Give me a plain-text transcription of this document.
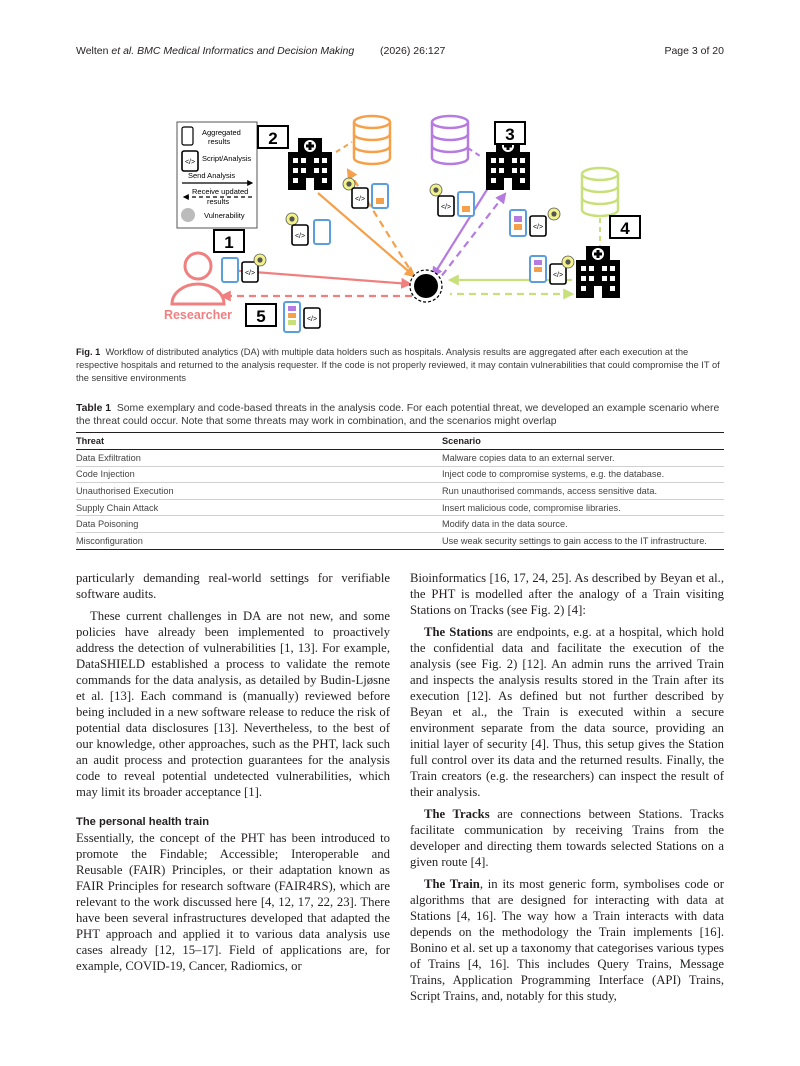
Welten et al. BMC Medical Informatics and Decision Making (2026) 26:127	Page 3 of 20
</>
Aggregated
results
Script/Analysis
Send Analysis
Receive updated
results
Vulnerability
2	3
4
1
Researcher 5
Fig. 1 Workflow of distributed analytics (DA) with multiple data holders such as hospitals. Analysis results are aggregated after each execution at the respective hospitals and returned to the analysis requester. If the code is not properly reviewed, it may contain vulnerabilities that could compromise the IT of the sensitive environments
Table 1 Some exemplary and code-based threats in the analysis code. For each potential threat, we developed an example scenario where the threat could occur. Note that some threats may work in combination, and the scenarios might overlap
Threat	Scenario
Data Exfiltration	Malware copies data to an external server.
Code Injection	Inject code to compromise systems, e.g. the database.
Unauthorised Execution	Run unauthorised commands, access sensitive data.
Supply Chain Attack	Insert malicious code, compromise libraries.
Data Poisoning	Modify data in the data source.
Misconfiguration	Use weak security settings to gain access to the IT infrastructure.

particularly demanding real-world settings for verifiable software audits.

These current challenges in DA are not new, and some policies have already been implemented to proactively address the detection of vulnerabilities [1, 13]. For example, DataSHIELD established a process to validate the remote commands for the data analysis, as detailed by Budin-Ljøsne et al. [13]. Each command is (manually) reviewed before being included in a new software release to reduce the risk of potential data disclosures [13]. Nevertheless, to the best of our knowledge, other approaches, such as the PHT, lack such an audit process and protection guarantees for the analysis code to reveal potential undetected vulnerabilities, which may limit its broader acceptance [1].

The personal health train

Essentially, the concept of the PHT has been introduced to promote the Findable; Accessible; Interoperable and Reusable (FAIR) Principles, or their adaptation known as FAIR Principles for research software (FAIR4RS), which are relevant to the work discussed here [4, 12, 17, 22, 23]. There have been several infrastructures developed that adapted the PHT approach and applied it to various data analysis use cases already [12, 15–17]. Field of applications are, for example, COVID-19, Cancer, Radiomics, or

Bioinformatics [16, 17, 24, 25]. As described by Beyan et al., the PHT is modelled after the analogy of a Train visiting Stations on Tracks (see Fig. 2) [4]:

The Stations are endpoints, e.g. at a hospital, which hold the confidential data and facilitate the execution of the analysis (see Fig. 2) [12]. An admin runs the arrived Train and inspects the analysis results stored in the Train after its execution [12]. As defined but not further described by Beyan et al., the Train is executed within a secure environment separate from the data source, providing an initial layer of security [4]. Thus, this setup gives the Station full control over its data and the returned results. Finally, the Train creators (e.g. the researchers) can inspect the result of their analysis.

The Tracks are connections between Stations. Tracks facilitate communication by receiving Trains from the developer and directing them towards selected Stations on a given route [4].

The Train, in its most generic form, symbolises code or algorithms that are designed for interacting with data at Stations [4, 16]. The way how a Train interacts with data depends on the methodology the Train implements [16]. Bonino et al. set up a taxonomy that categorises various types of Trains [4, 16]. This includes Query Trains, Message Trains, Application Programming Interface (API) Trains, Script Trains, and, notably for this study,
